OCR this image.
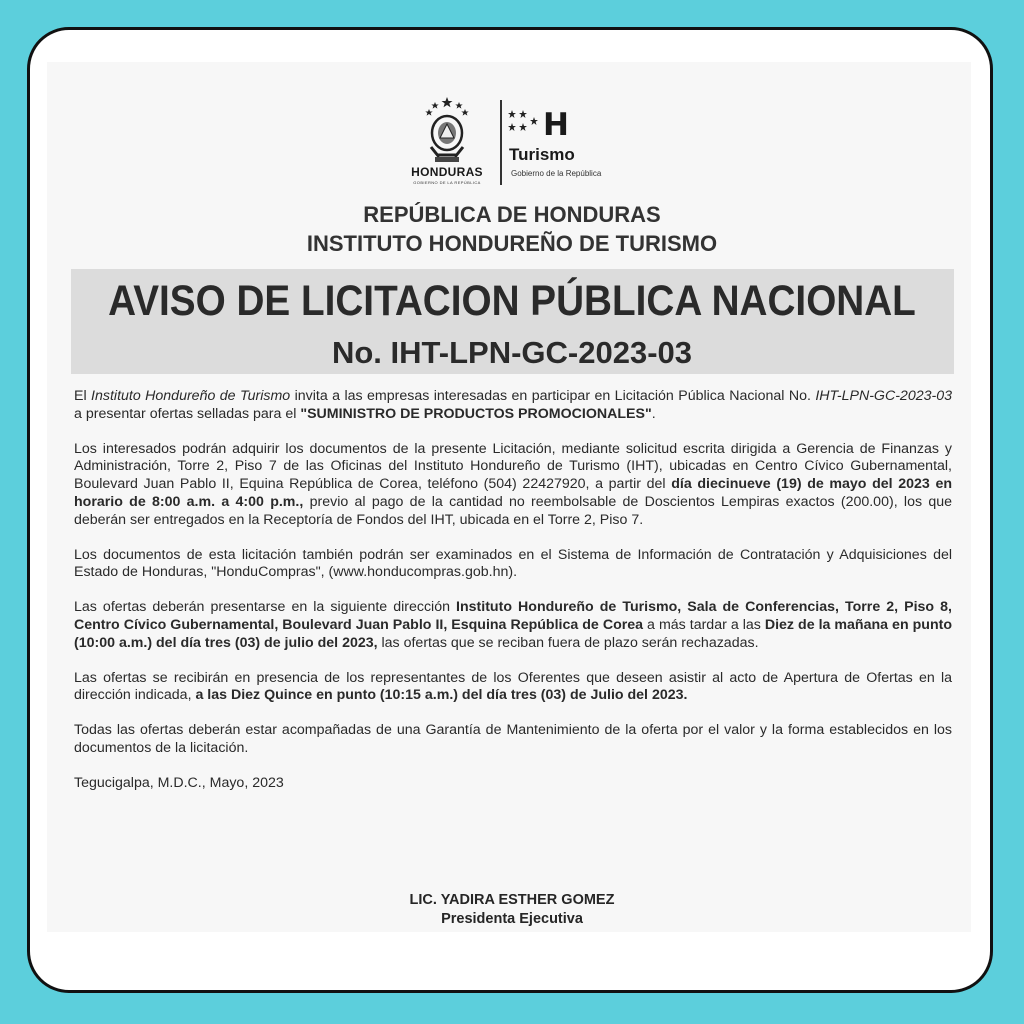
HONDURAS
GOBIERNO DE LA REPÚBLICA
H
Turismo
Gobierno de la República
REPÚBLICA DE HONDURAS
INSTITUTO HONDUREÑO DE TURISMO
AVISO DE LICITACION PÚBLICA NACIONAL
No. IHT-LPN-GC-2023-03

El Instituto Hondureño de Turismo invita a las empresas interesadas en participar en Licitación Pública Nacional No. IHT-LPN-GC-2023-03 a presentar ofertas selladas para el "SUMINISTRO DE PRODUCTOS PROMOCIONALES".

Los interesados podrán adquirir los documentos de la presente Licitación, mediante solicitud escrita dirigida a Gerencia de Finanzas y Administración, Torre 2, Piso 7 de las Oficinas del Instituto Hondureño de Turismo (IHT), ubicadas en Centro Cívico Gubernamental, Boulevard Juan Pablo II, Equina República de Corea, teléfono (504) 22427920, a partir del día diecinueve (19) de mayo del 2023 en horario de 8:00 a.m. a 4:00 p.m., previo al pago de la cantidad no reembolsable de Doscientos Lempiras exactos (200.00), los que deberán ser entregados en la Receptoría de Fondos del IHT, ubicada en el Torre 2, Piso 7.

Los documentos de esta licitación también podrán ser examinados en el Sistema de Información de Contratación y Adquisiciones del Estado de Honduras, "HonduCompras", (www.honducompras.gob.hn).

Las ofertas deberán presentarse en la siguiente dirección Instituto Hondureño de Turismo, Sala de Conferencias, Torre 2, Piso 8, Centro Cívico Gubernamental, Boulevard Juan Pablo II, Esquina República de Corea a más tardar a las Diez de la mañana en punto (10:00 a.m.) del día tres (03) de julio del 2023, las ofertas que se reciban fuera de plazo serán rechazadas.

Las ofertas se recibirán en presencia de los representantes de los Oferentes que deseen asistir al acto de Apertura de Ofertas en la dirección indicada, a las Diez Quince en punto (10:15 a.m.) del día tres (03) de Julio del 2023.

Todas las ofertas deberán estar acompañadas de una Garantía de Mantenimiento de la oferta por el valor y la forma establecidos en los documentos de la licitación.

Tegucigalpa, M.D.C., Mayo, 2023

LIC. YADIRA ESTHER GOMEZ
Presidenta Ejecutiva
